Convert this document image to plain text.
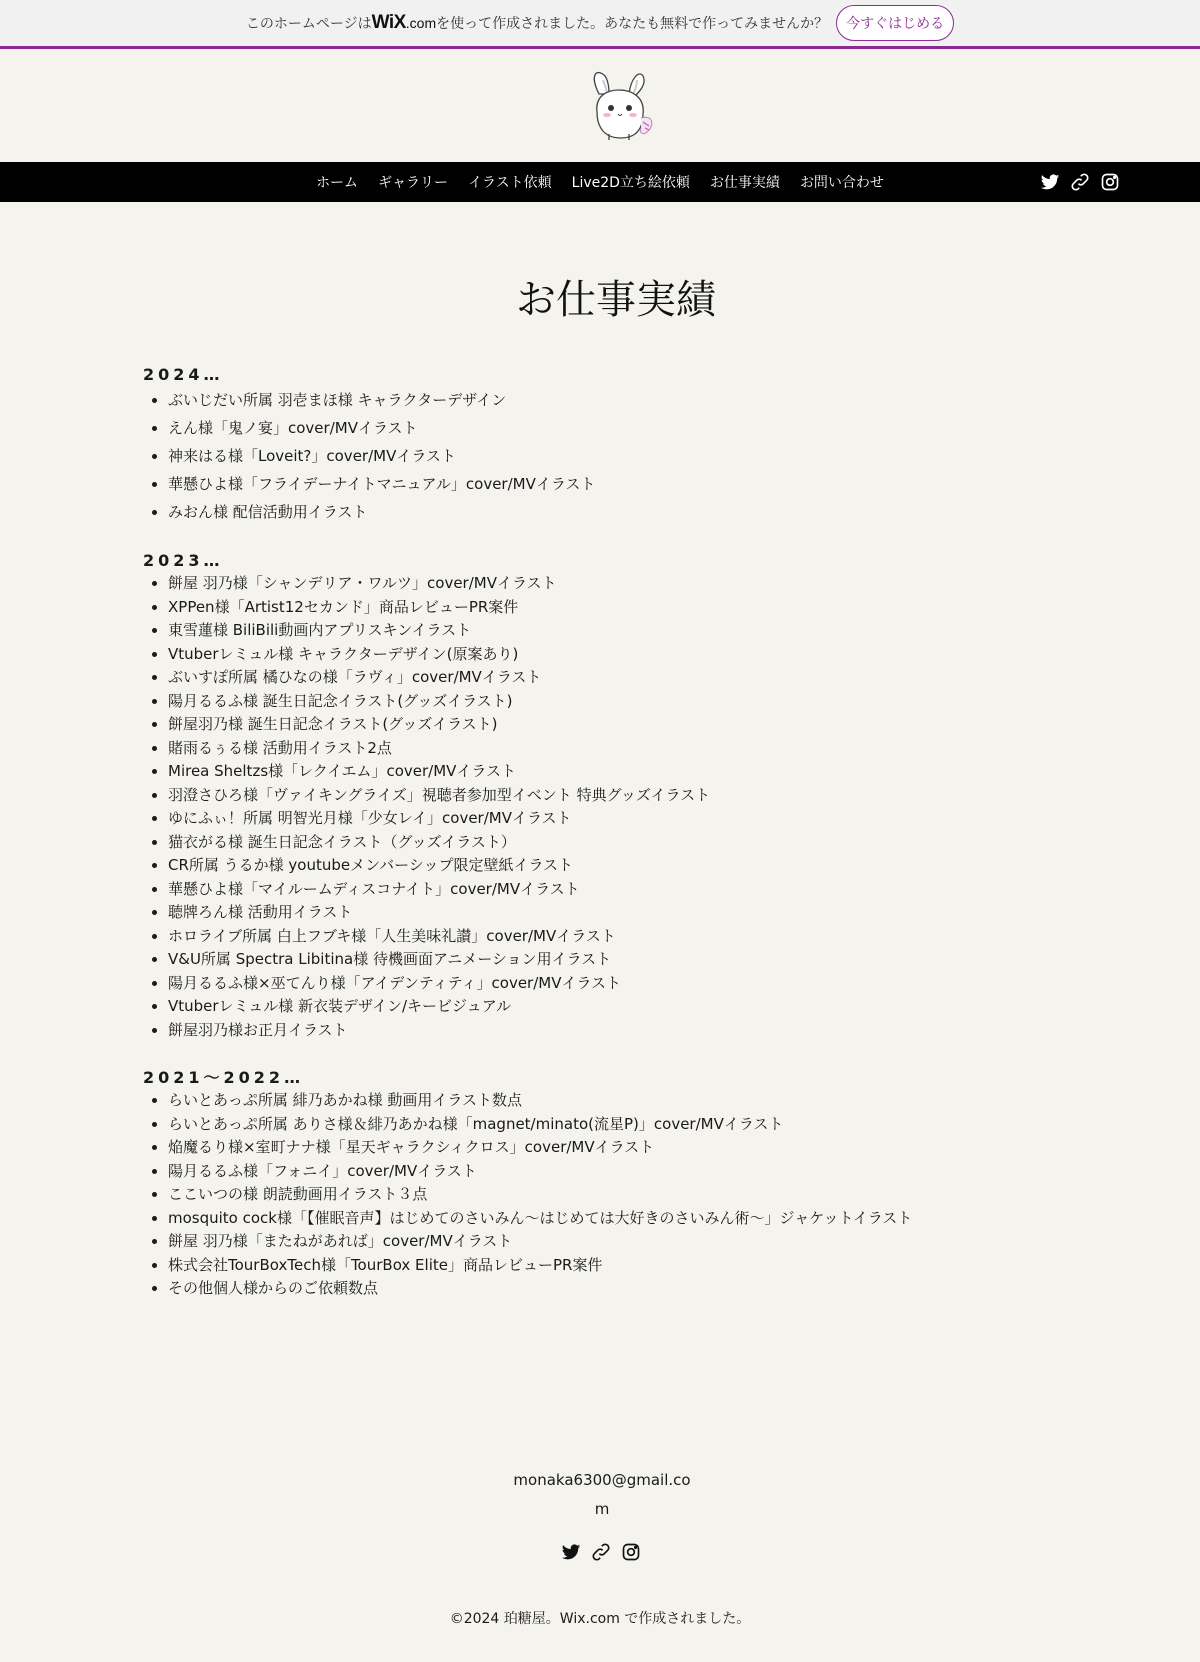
このホームページは WiX.com を使って作成されました。あなたも無料で作ってみませんか？	今すぐはじめる
ホーム	ギャラリー	イラスト依頼	Live2D立ち絵依頼	お仕事実績	お問い合わせ
お仕事実績

2024…

• ぶいじだい所属 羽壱まほ様 キャラクターデザイン
• えん様「鬼ノ宴」cover/MVイラスト
• 神来はる様「Loveit?」cover/MVイラスト
• 華懸ひよ様「フライデーナイトマニュアル」cover/MVイラスト
• みおん様 配信活動用イラスト

2023…

• 餅屋 羽乃様「シャンデリア・ワルツ」cover/MVイラスト
• XPPen様「Artist12セカンド」商品レビューPR案件
• 東雪蓮様 BiliBili動画内アプリスキンイラスト
• Vtuberレミュル様 キャラクターデザイン(原案あり)
• ぶいすぽ所属 橘ひなの様「ラヴィ」cover/MVイラスト
• 陽月るるふ様 誕生日記念イラスト(グッズイラスト)
• 餅屋羽乃様 誕生日記念イラスト(グッズイラスト)
• 賭雨るぅる様 活動用イラスト2点
• Mirea Sheltzs様「レクイエム」cover/MVイラスト
• 羽澄さひろ様「ヴァイキングライズ」視聴者参加型イベント 特典グッズイラスト
• ゆにふぃ！所属 明智光月様「少女レイ」cover/MVイラスト
• 猫衣がる様 誕生日記念イラスト（グッズイラスト）
• CR所属 うるか様 youtubeメンバーシップ限定壁紙イラスト
• 華懸ひよ様「マイルームディスコナイト」cover/MVイラスト
• 聴牌ろん様 活動用イラスト
• ホロライブ所属 白上フブキ様「人生美味礼讃」cover/MVイラスト
• V&U所属 Spectra Libitina様 待機画面アニメーション用イラスト
• 陽月るるふ様×巫てんり様「アイデンティティ」cover/MVイラスト
• Vtuberレミュル様 新衣装デザイン/キービジュアル
• 餅屋羽乃様お正月イラスト

2021〜2022…

• らいとあっぷ所属 緋乃あかね様 動画用イラスト数点
• らいとあっぷ所属 ありさ様＆緋乃あかね様「magnet/minato(流星P)」cover/MVイラスト
• 焔魔るり様×室町ナナ様「星天ギャラクシィクロス」cover/MVイラスト
• 陽月るるふ様「フォニイ」cover/MVイラスト
• ここいつの様 朗読動画用イラスト３点
• mosquito cock様「【催眠音声】はじめてのさいみん〜はじめては大好きのさいみん術〜」ジャケットイラスト
• 餅屋 羽乃様「またねがあれば」cover/MVイラスト
• 株式会社TourBoxTech様「TourBox Elite」商品レビューPR案件
• その他個人様からのご依頼数点
monaka6300@gmail.com
©2024 珀糖屋。Wix.com で作成されました。
